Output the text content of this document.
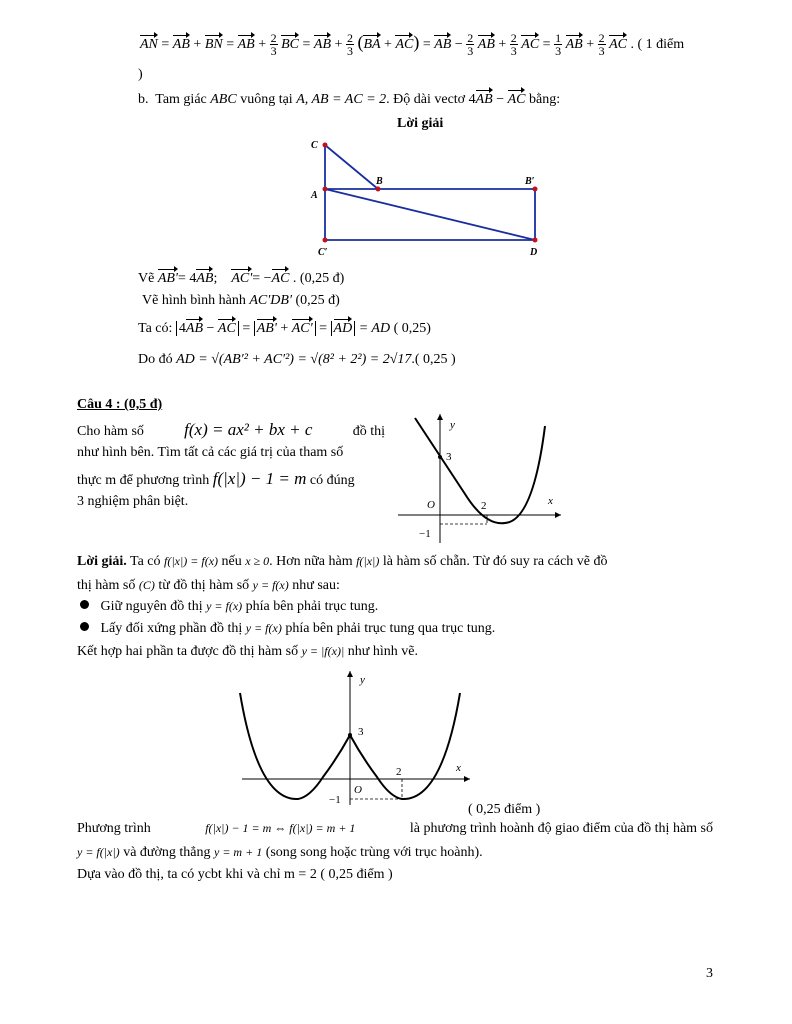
AN = AB + BN = AB + $\frac{2}{3}$ BC = AB + $\frac{2}{3} (BA + AC)$ = AB − $\frac{2}{3}$ AB + $\frac{2}{3}$ AC = $\frac{1}{3}$ AB + $\frac{2}{3}$ AC . ( 1 điểm
)
b. Tam giác ABC vuông tại A, AB = AC = 2. Độ dài vectơ 4AB − AC bằng:
Lời giải
C
A
B	B′
C′	D
Vẽ AB'= 4AB; AC'= −AC . (0,25 đ)
Vẽ hình bình hành AC′DB′ (0,25 đ)
Ta có: 4AB − AC = AB' + AC' = AD = AD ( 0,25)
Do đó AD = √(AB′² + AC′²) = √(8² + 2²) = 2√17.( 0,25 )
Câu 4 : (0,5 đ)
Cho hàm số f(x) = ax² + bx + c	đồ thị
như hình bên. Tìm tất cả các giá trị của tham số
thực m để phương trình f(|x|) − 1 = m có đúng
3 nghiệm phân biệt.
y
x
O
3
2
−1
Lời giải. Ta có f(|x|) = f(x) nếu x ≥ 0. Hơn nữa hàm f(|x|) là hàm số chẵn. Từ đó suy ra cách vẽ đồ
thị hàm số (C) từ đồ thị hàm số y = f(x) như sau:
Giữ nguyên đồ thị y = f(x) phía bên phải trục tung.
Lấy đối xứng phần đồ thị y = f(x) phía bên phải trục tung qua trục tung.
Kết hợp hai phần ta được đồ thị hàm số y = |f(x)| như hình vẽ.
y
x
O
3
2
−1
( 0,25 điểm )
Phương trình	f(|x|) − 1 = m ⇔ f(|x|) = m + 1	là phương trình hoành độ giao điểm của đồ thị hàm số
y = f(|x|) và đường thẳng y = m + 1 (song song hoặc trùng với trục hoành).
Dựa vào đồ thị, ta có ycbt khi và chỉ m = 2 ( 0,25 điểm )
3
